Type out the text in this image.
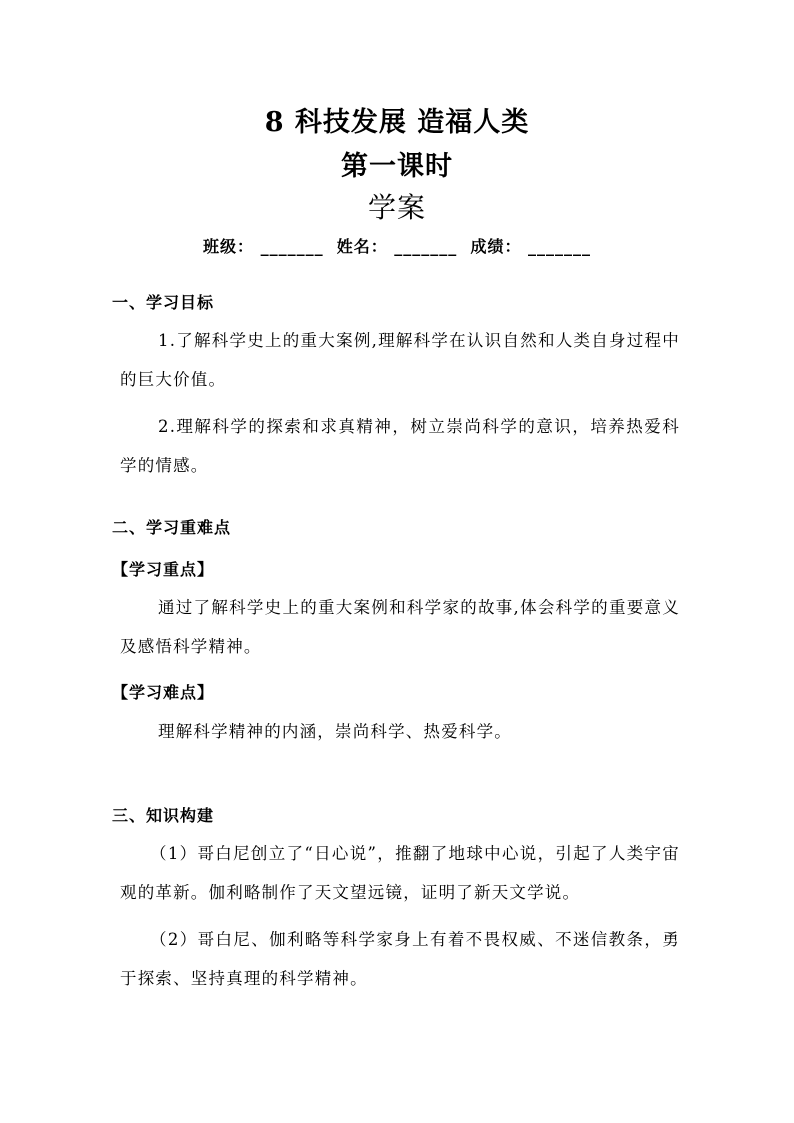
8 科技发展 造福人类
第一课时
学案
班级： _______ 姓名： _______ 成绩： _______
一、学习目标
1.了解科学史上的重大案例,理解科学在认识自然和人类自身过程中的巨大价值。
2.理解科学的探索和求真精神，树立崇尚科学的意识，培养热爱科学的情感。
二、学习重难点
【学习重点】
通过了解科学史上的重大案例和科学家的故事,体会科学的重要意义及感悟科学精神。
【学习难点】
理解科学精神的内涵，崇尚科学、热爱科学。
三、知识构建
（1）哥白尼创立了“日心说”，推翻了地球中心说，引起了人类宇宙观的革新。伽利略制作了天文望远镜，证明了新天文学说。
（2）哥白尼、伽利略等科学家身上有着不畏权威、不迷信教条，勇于探索、坚持真理的科学精神。
